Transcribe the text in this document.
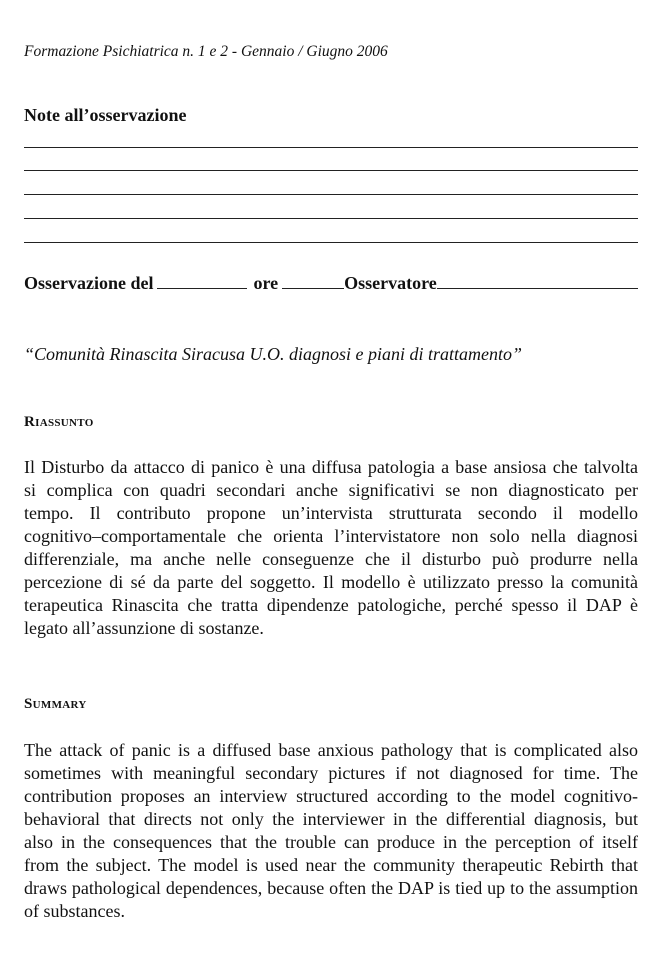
Formazione Psichiatrica n. 1 e 2 - Gennaio / Giugno 2006
Note all’osservazione
Osservazione del	ore	Osservatore
“Comunità Rinascita Siracusa U.O. diagnosi e piani di trattamento”
Riassunto
Il Disturbo da attacco di panico è una diffusa patologia a base ansiosa che talvolta
si complica con quadri secondari anche significativi se non diagnosticato per
tempo. Il contributo propone un’intervista strutturata secondo il modello
cognitivo–comportamentale che orienta l’intervistatore non solo nella diagnosi
differenziale, ma anche nelle conseguenze che il disturbo può produrre nella
percezione di sé da parte del soggetto. Il modello è utilizzato presso la comunità
terapeutica Rinascita che tratta dipendenze patologiche, perché spesso il DAP è
legato all’assunzione di sostanze.
Summary
The attack of panic is a diffused base anxious pathology that is complicated also
sometimes with meaningful secondary pictures if not diagnosed for time. The
contribution proposes an interview structured according to the model cognitivo-
behavioral that directs not only the interviewer in the differential diagnosis, but
also in the consequences that the trouble can produce in the perception of itself
from the subject. The model is used near the community therapeutic Rebirth that
draws pathological dependences, because often the DAP is tied up to the assumption
of substances.
